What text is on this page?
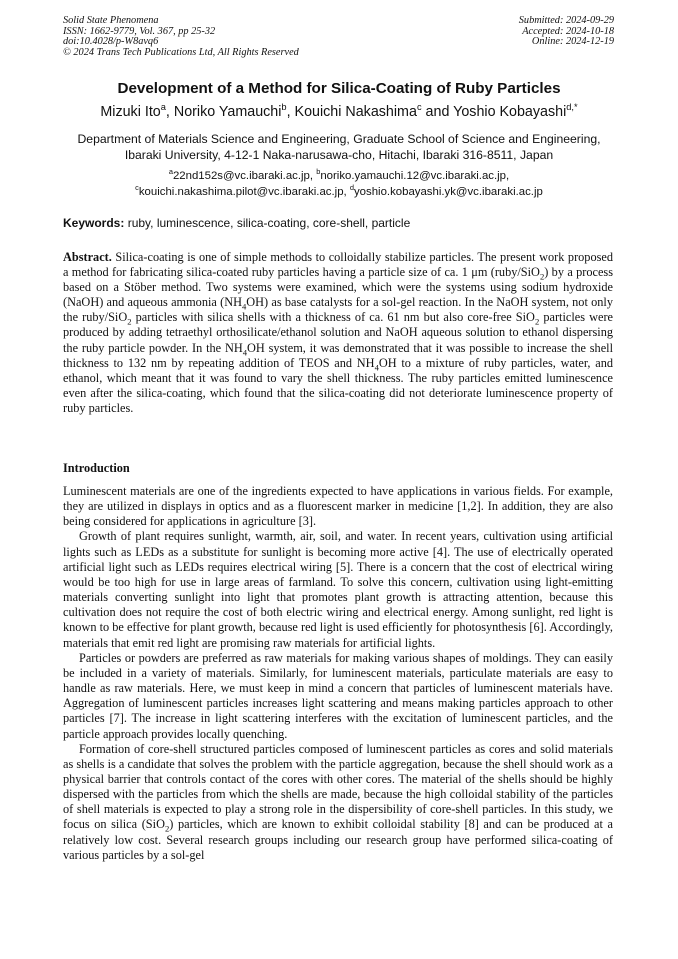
Solid State Phenomena
ISSN: 1662-9779, Vol. 367, pp 25-32
doi:10.4028/p-W8avq6
© 2024 Trans Tech Publications Ltd, All Rights Reserved
Submitted: 2024-09-29
Accepted: 2024-10-18
Online: 2024-12-19
Development of a Method for Silica-Coating of Ruby Particles
Mizuki Ito$^a$, Noriko Yamauchi$^b$, Kouichi Nakashima$^c$ and Yoshio Kobayashi$^{d,*}$
Department of Materials Science and Engineering, Graduate School of Science and Engineering,
Ibaraki University, 4-12-1 Naka-narusawa-cho, Hitachi, Ibaraki 316-8511, Japan
$^a$22nd152s@vc.ibaraki.ac.jp, $^b$noriko.yamauchi.12@vc.ibaraki.ac.jp,
$^c$kouichi.nakashima.pilot@vc.ibaraki.ac.jp, $^d$yoshio.kobayashi.yk@vc.ibaraki.ac.jp
Keywords: ruby, luminescence, silica-coating, core-shell, particle

Abstract. Silica-coating is one of simple methods to colloidally stabilize particles. The present work proposed a method for fabricating silica-coated ruby particles having a particle size of ca. 1 μm (ruby/SiO$_2$) by a process based on a Stöber method. Two systems were examined, which were the systems using sodium hydroxide (NaOH) and aqueous ammonia $(NH_4OH)$ as base catalysts for a sol-gel reaction. In the NaOH system, not only the ruby/SiO$_2$ particles with silica shells with a thickness of ca. 61 nm but also core-free SiO$_2$ particles were produced by adding tetraethyl orthosilicate/ethanol solution and NaOH aqueous solution to ethanol dispersing the ruby particle powder. In the $NH_4OH$ system, it was demonstrated that it was possible to increase the shell thickness to 132 nm by repeating addition of TEOS and $NH_4OH$ to a mixture of ruby particles, water, and ethanol, which meant that it was found to vary the shell thickness. The ruby particles emitted luminescence even after the silica-coating, which found that the silica-coating did not deteriorate luminescence property of ruby particles.

Introduction

Luminescent materials are one of the ingredients expected to have applications in various fields. For example, they are utilized in displays in optics and as a fluorescent marker in medicine [1,2]. In addition, they are also being considered for applications in agriculture [3].

Growth of plant requires sunlight, warmth, air, soil, and water. In recent years, cultivation using artificial lights such as LEDs as a substitute for sunlight is becoming more active [4]. The use of electrically operated artificial light such as LEDs requires electrical wiring [5]. There is a concern that the cost of electrical wiring would be too high for use in large areas of farmland. To solve this concern, cultivation using light-emitting materials converting sunlight into light that promotes plant growth is attracting attention, because this cultivation does not require the cost of both electric wiring and electrical energy. Among sunlight, red light is known to be effective for plant growth, because red light is used efficiently for photosynthesis [6]. Accordingly, materials that emit red light are promising raw materials for artificial lights.

Particles or powders are preferred as raw materials for making various shapes of moldings. They can easily be included in a variety of materials. Similarly, for luminescent materials, particulate materials are easy to handle as raw materials. Here, we must keep in mind a concern that particles of luminescent materials have. Aggregation of luminescent particles increases light scattering and means making particles approach to other particles [7]. The increase in light scattering interferes with the excitation of luminescent particles, and the particle approach provides locally quenching.

Formation of core-shell structured particles composed of luminescent particles as cores and solid materials as shells is a candidate that solves the problem with the particle aggregation, because the shell should work as a physical barrier that controls contact of the cores with other cores. The material of the shells should be highly dispersed with the particles from which the shells are made, because the high colloidal stability of the particles of shell materials is expected to play a strong role in the dispersibility of core-shell particles. In this study, we focus on silica (SiO$_2$) particles, which are known to exhibit colloidal stability [8] and can be produced at a relatively low cost. Several research groups including our research group have performed silica-coating of various particles by a sol-gel
